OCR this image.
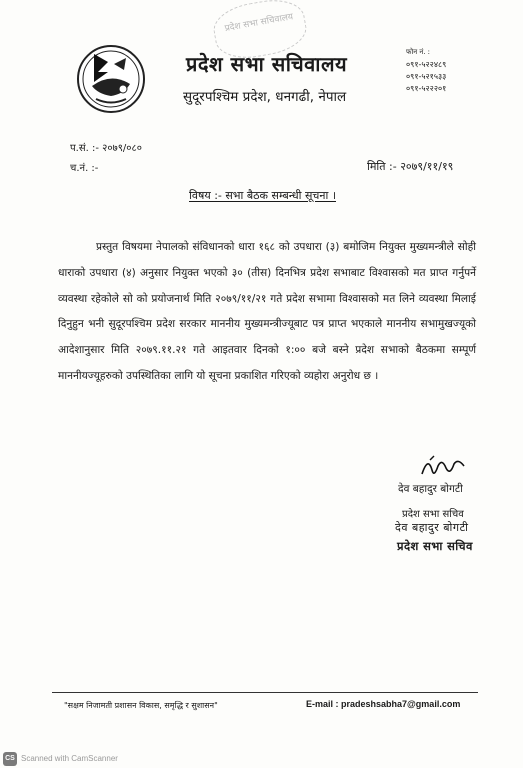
प्रदेश सभा सचिवालय
प्रदेश सभा सचिवालय
सुदूरपश्चिम प्रदेश, धनगढी, नेपाल
फोन नं. :
०९१-५२२४८९
०९१-५२१५३३
०९१-५२२२०१
प.सं. :- २०७९/०८०
च.नं. :-	मिति :- २०७९/११/१९
विषय :- सभा बैठक सम्बन्धी सूचना ।
प्रस्तुत विषयमा नेपालको संविधानको धारा १६८ को उपधारा (३) बमोजिम नियुक्त मुख्यमन्त्रीले सोही धाराको उपधारा (४) अनुसार नियुक्त भएको ३० (तीस) दिनभित्र प्रदेश सभाबाट विश्वासको मत प्राप्त गर्नुपर्ने व्यवस्था रहेकोले सो को प्रयोजनार्थ मिति २०७९/११/२१ गते प्रदेश सभामा विश्वासको मत लिने व्यवस्था मिलाई दिनुहुन भनी सुदूरपश्चिम प्रदेश सरकार माननीय मुख्यमन्त्रीज्यूबाट पत्र प्राप्त भएकाले माननीय सभामुखज्यूको आदेशानुसार मिति २०७९.११.२१ गते आइतवार दिनको १:०० बजे बस्ने प्रदेश सभाको बैठकमा सम्पूर्ण माननीयज्यूहरुको उपस्थितिका लागि यो सूचना प्रकाशित गरिएको व्यहोरा अनुरोध छ ।
देव बहादुर बोगटी
प्रदेश सभा सचिव
देव बहादुर बोगटी
प्रदेश सभा सचिव
"सक्षम निजामती प्रशासन विकास, समृद्धि र सुशासन"	E-mail : pradeshsabha7@gmail.com
CS Scanned with CamScanner
